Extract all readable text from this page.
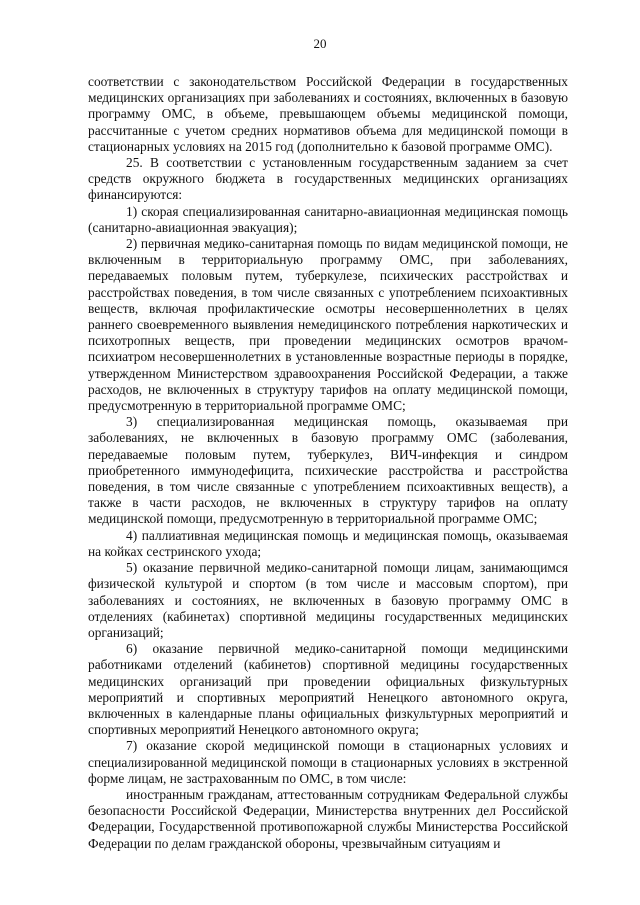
20

соответствии с законодательством Российской Федерации в государственных медицинских организациях при заболеваниях и состояниях, включенных в базовую программу ОМС, в объеме, превышающем объемы медицинской помощи, рассчитанные с учетом средних нормативов объема для медицинской помощи в стационарных условиях на 2015 год (дополнительно к базовой программе ОМС).

25. В соответствии с установленным государственным заданием за счет средств окружного бюджета в государственных медицинских организациях финансируются:

1) скорая специализированная санитарно-авиационная медицинская помощь (санитарно-авиационная эвакуация);

2) первичная медико-санитарная помощь по видам медицинской помощи, не включенным в территориальную программу ОМС, при заболеваниях, передаваемых половым путем, туберкулезе, психических расстройствах и расстройствах поведения, в том числе связанных с употреблением психоактивных веществ, включая профилактические осмотры несовершеннолетних в целях раннего своевременного выявления немедицинского потребления наркотических и психотропных веществ, при проведении медицинских осмотров врачом-психиатром несовершеннолетних в установленные возрастные периоды в порядке, утвержденном Министерством здравоохранения Российской Федерации, а также расходов, не включенных в структуру тарифов на оплату медицинской помощи, предусмотренную в территориальной программе ОМС;

3) специализированная медицинская помощь, оказываемая при заболеваниях, не включенных в базовую программу ОМС (заболевания, передаваемые половым путем, туберкулез, ВИЧ-инфекция и синдром приобретенного иммунодефицита, психические расстройства и расстройства поведения, в том числе связанные с употреблением психоактивных веществ), а также в части расходов, не включенных в структуру тарифов на оплату медицинской помощи, предусмотренную в территориальной программе ОМС;

4) паллиативная медицинская помощь и медицинская помощь, оказываемая на койках сестринского ухода;

5) оказание первичной медико-санитарной помощи лицам, занимающимся физической культурой и спортом (в том числе и массовым спортом), при заболеваниях и состояниях, не включенных в базовую программу ОМС в отделениях (кабинетах) спортивной медицины государственных медицинских организаций;

6) оказание первичной медико-санитарной помощи медицинскими работниками отделений (кабинетов) спортивной медицины государственных медицинских организаций при проведении официальных физкультурных мероприятий и спортивных мероприятий Ненецкого автономного округа, включенных в календарные планы официальных физкультурных мероприятий и спортивных мероприятий Ненецкого автономного округа;

7) оказание скорой медицинской помощи в стационарных условиях и специализированной медицинской помощи в стационарных условиях в экстренной форме лицам, не застрахованным по ОМС, в том числе:

иностранным гражданам, аттестованным сотрудникам Федеральной службы безопасности Российской Федерации, Министерства внутренних дел Российской Федерации, Государственной противопожарной службы Министерства Российской Федерации по делам гражданской обороны, чрезвычайным ситуациям и
